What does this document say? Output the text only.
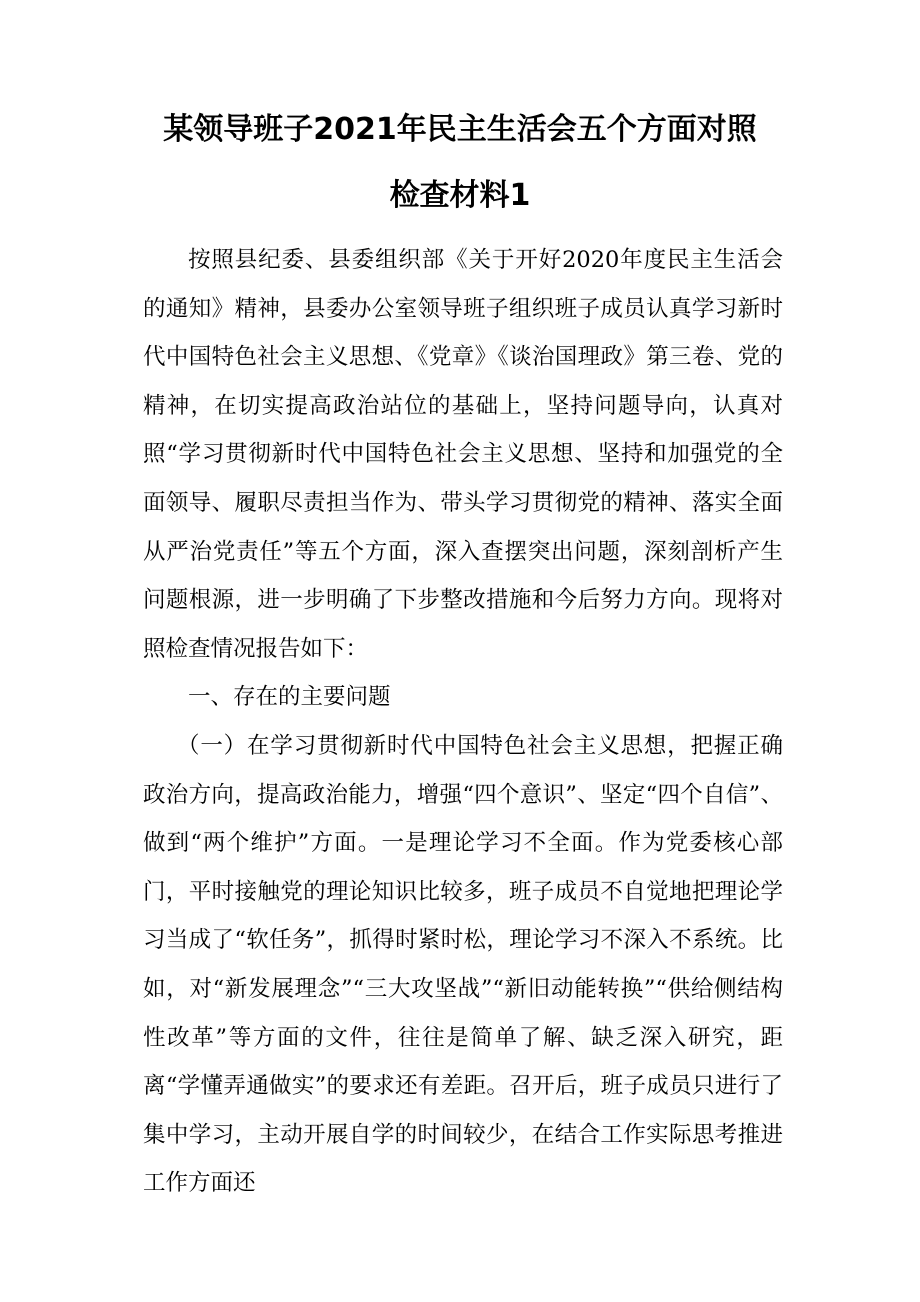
某领导班子2021年民主生活会五个方面对照
检查材料1

按照县纪委、县委组织部《关于开好2020年度民主生活会的通知》精神，县委办公室领导班子组织班子成员认真学习新时代中国特色社会主义思想、《党章》《谈治国理政》第三卷、党的精神，在切实提高政治站位的基础上，坚持问题导向，认真对照“学习贯彻新时代中国特色社会主义思想、坚持和加强党的全面领导、履职尽责担当作为、带头学习贯彻党的精神、落实全面从严治党责任”等五个方面，深入查摆突出问题，深刻剖析产生问题根源，进一步明确了下步整改措施和今后努力方向。现将对照检查情况报告如下：

一、存在的主要问题

（一）在学习贯彻新时代中国特色社会主义思想，把握正确政治方向，提高政治能力，增强“四个意识”、坚定“四个自信”、做到“两个维护”方面。一是理论学习不全面。作为党委核心部门，平时接触党的理论知识比较多，班子成员不自觉地把理论学习当成了“软任务”，抓得时紧时松，理论学习不深入不系统。比如，对“新发展理念”“三大攻坚战”“新旧动能转换”“供给侧结构性改革”等方面的文件，往往是简单了解、缺乏深入研究，距离“学懂弄通做实”的要求还有差距。召开后，班子成员只进行了集中学习，主动开展自学的时间较少，在结合工作实际思考推进工作方面还
